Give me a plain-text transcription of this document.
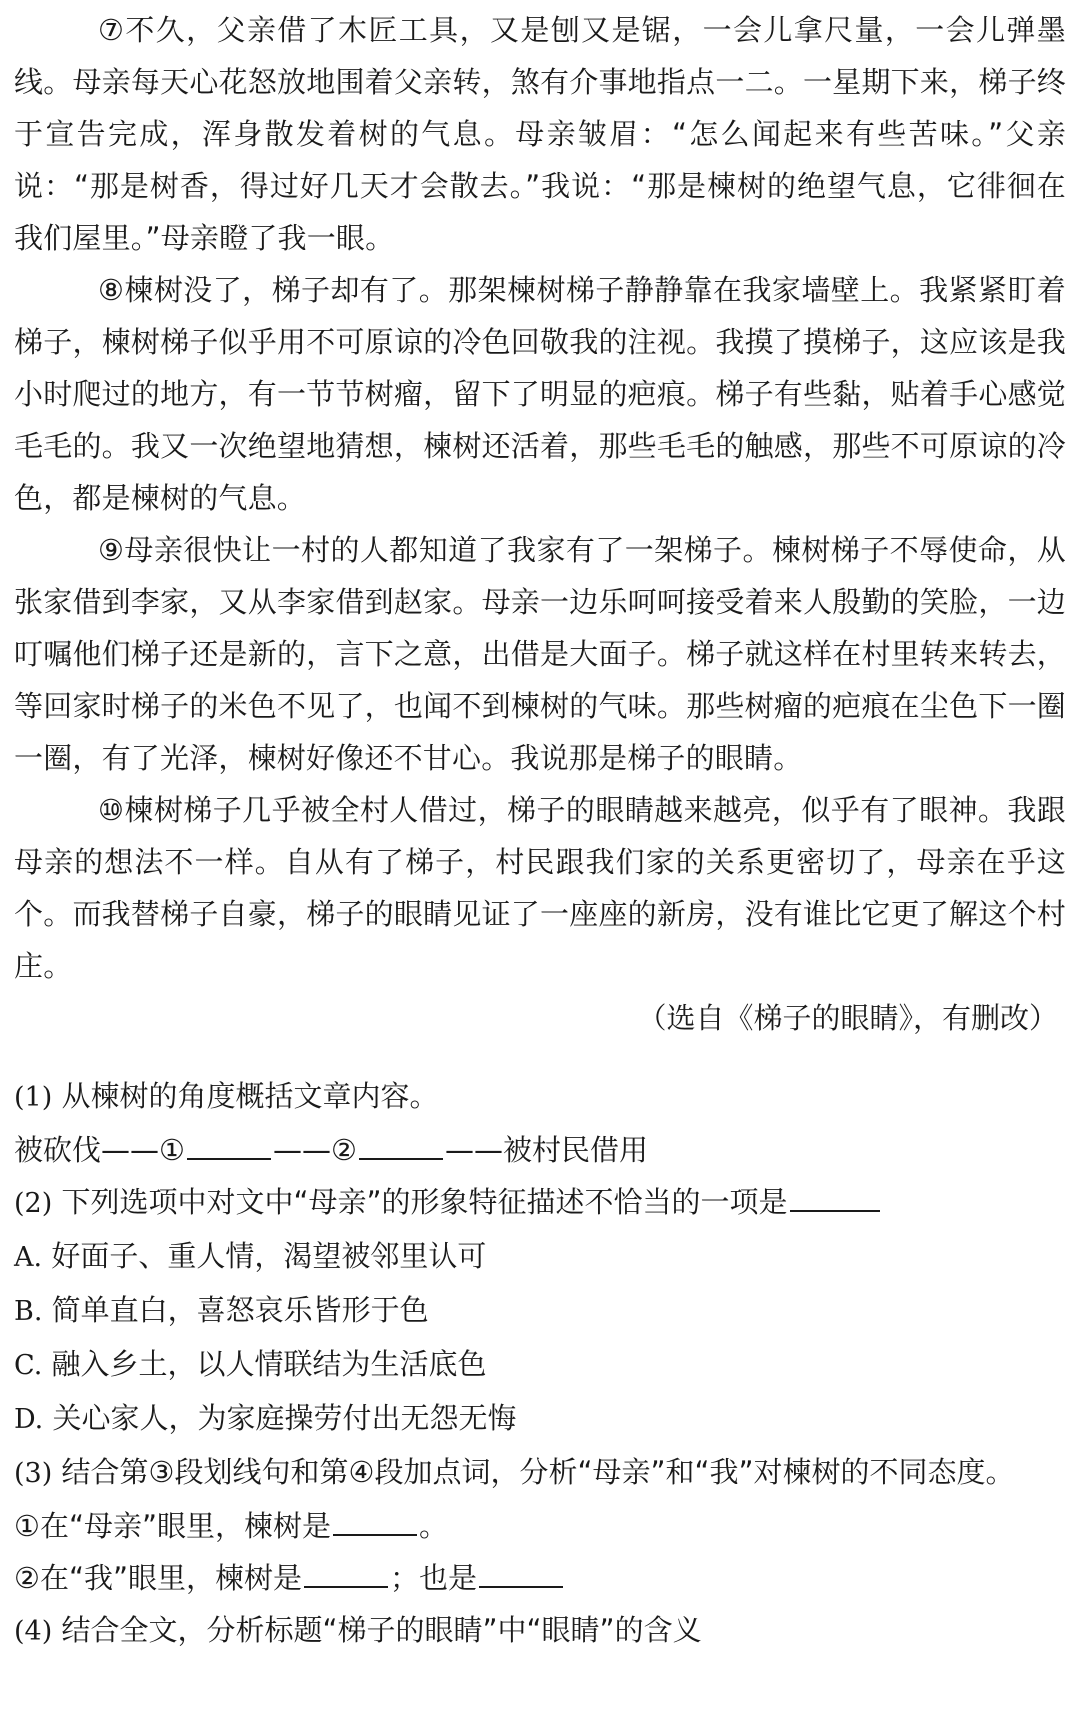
⑦不久，父亲借了木匠工具，又是刨又是锯，一会儿拿尺量，一会儿弹墨线。母亲每天心花怒放地围着父亲转，煞有介事地指点一二。一星期下来，梯子终于宣告完成，浑身散发着树的气息。母亲皱眉：“怎么闻起来有些苦味。”父亲说：“那是树香，得过好几天才会散去。”我说：“那是楝树的绝望气息，它徘徊在我们屋里。”母亲瞪了我一眼。

⑧楝树没了，梯子却有了。那架楝树梯子静静靠在我家墙壁上。我紧紧盯着梯子，楝树梯子似乎用不可原谅的冷色回敬我的注视。我摸了摸梯子，这应该是我小时爬过的地方，有一节节树瘤，留下了明显的疤痕。梯子有些黏，贴着手心感觉毛毛的。我又一次绝望地猜想，楝树还活着，那些毛毛的触感，那些不可原谅的冷色，都是楝树的气息。

⑨母亲很快让一村的人都知道了我家有了一架梯子。楝树梯子不辱使命，从张家借到李家，又从李家借到赵家。母亲一边乐呵呵接受着来人殷勤的笑脸，一边叮嘱他们梯子还是新的，言下之意，出借是大面子。梯子就这样在村里转来转去，等回家时梯子的米色不见了，也闻不到楝树的气味。那些树瘤的疤痕在尘色下一圈一圈，有了光泽，楝树好像还不甘心。我说那是梯子的眼睛。

⑩楝树梯子几乎被全村人借过，梯子的眼睛越来越亮，似乎有了眼神。我跟母亲的想法不一样。自从有了梯子，村民跟我们家的关系更密切了，母亲在乎这个。而我替梯子自豪，梯子的眼睛见证了一座座的新房，没有谁比它更了解这个村庄。

（选自《梯子的眼睛》，有删改）

(1) 从楝树的角度概括文章内容。

被砍伐——①	——②	——被村民借用

(2) 下列选项中对文中“母亲”的形象特征描述不恰当的一项是

A. 好面子、重人情，渴望被邻里认可

B. 简单直白，喜怒哀乐皆形于色

C. 融入乡土，以人情联结为生活底色

D. 关心家人，为家庭操劳付出无怨无悔

(3) 结合第③段划线句和第④段加点词，分析“母亲”和“我”对楝树的不同态度。

①在“母亲”眼里，楝树是	。

②在“我”眼里，楝树是	；也是

(4) 结合全文，分析标题“梯子的眼睛”中“眼睛”的含义
